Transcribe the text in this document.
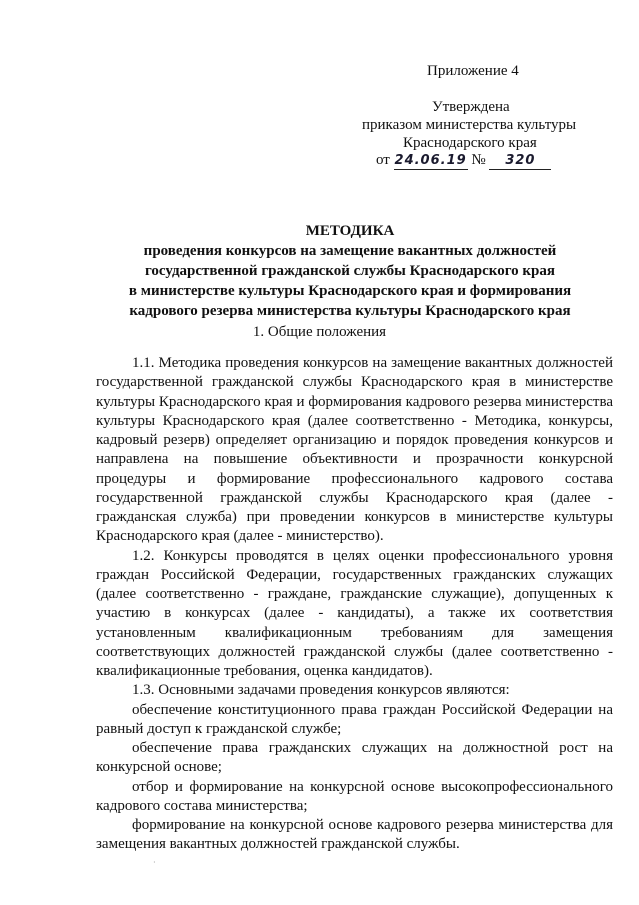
Приложение 4
Утверждена
приказом министерства культуры
Краснодарского края
от 24.06.19 № 320
МЕТОДИКА
проведения конкурсов на замещение вакантных должностей
государственной гражданской службы Краснодарского края
в министерстве культуры Краснодарского края и формирования
кадрового резерва министерства культуры Краснодарского края
1. Общие положения

1.1. Методика проведения конкурсов на замещение вакантных должностей государственной гражданской службы Краснодарского края в министерстве культуры Краснодарского края и формирования кадрового резерва министерства культуры Краснодарского края (далее соответственно - Методика, конкурсы, кадровый резерв) определяет организацию и порядок проведения конкурсов и направлена на повышение объективности и прозрачности конкурсной процедуры и формирование профессионального кадрового состава государственной гражданской службы Краснодарского края (далее - гражданская служба) при проведении конкурсов в министерстве культуры Краснодарского края (далее - министерство).

1.2. Конкурсы проводятся в целях оценки профессионального уровня граждан Российской Федерации, государственных гражданских служащих (далее соответственно - граждане, гражданские служащие), допущенных к участию в конкурсах (далее - кандидаты), а также их соответствия установленным квалификационным требованиям для замещения соответствующих должностей гражданской службы (далее соответственно - квалификационные требования, оценка кандидатов).

1.3. Основными задачами проведения конкурсов являются:

обеспечение конституционного права граждан Российской Федерации на равный доступ к гражданской службе;

обеспечение права гражданских служащих на должностной рост на конкурсной основе;

отбор и формирование на конкурсной основе высокопрофессионального кадрового состава министерства;

формирование на конкурсной основе кадрового резерва министерства для замещения вакантных должностей гражданской службы.

·
